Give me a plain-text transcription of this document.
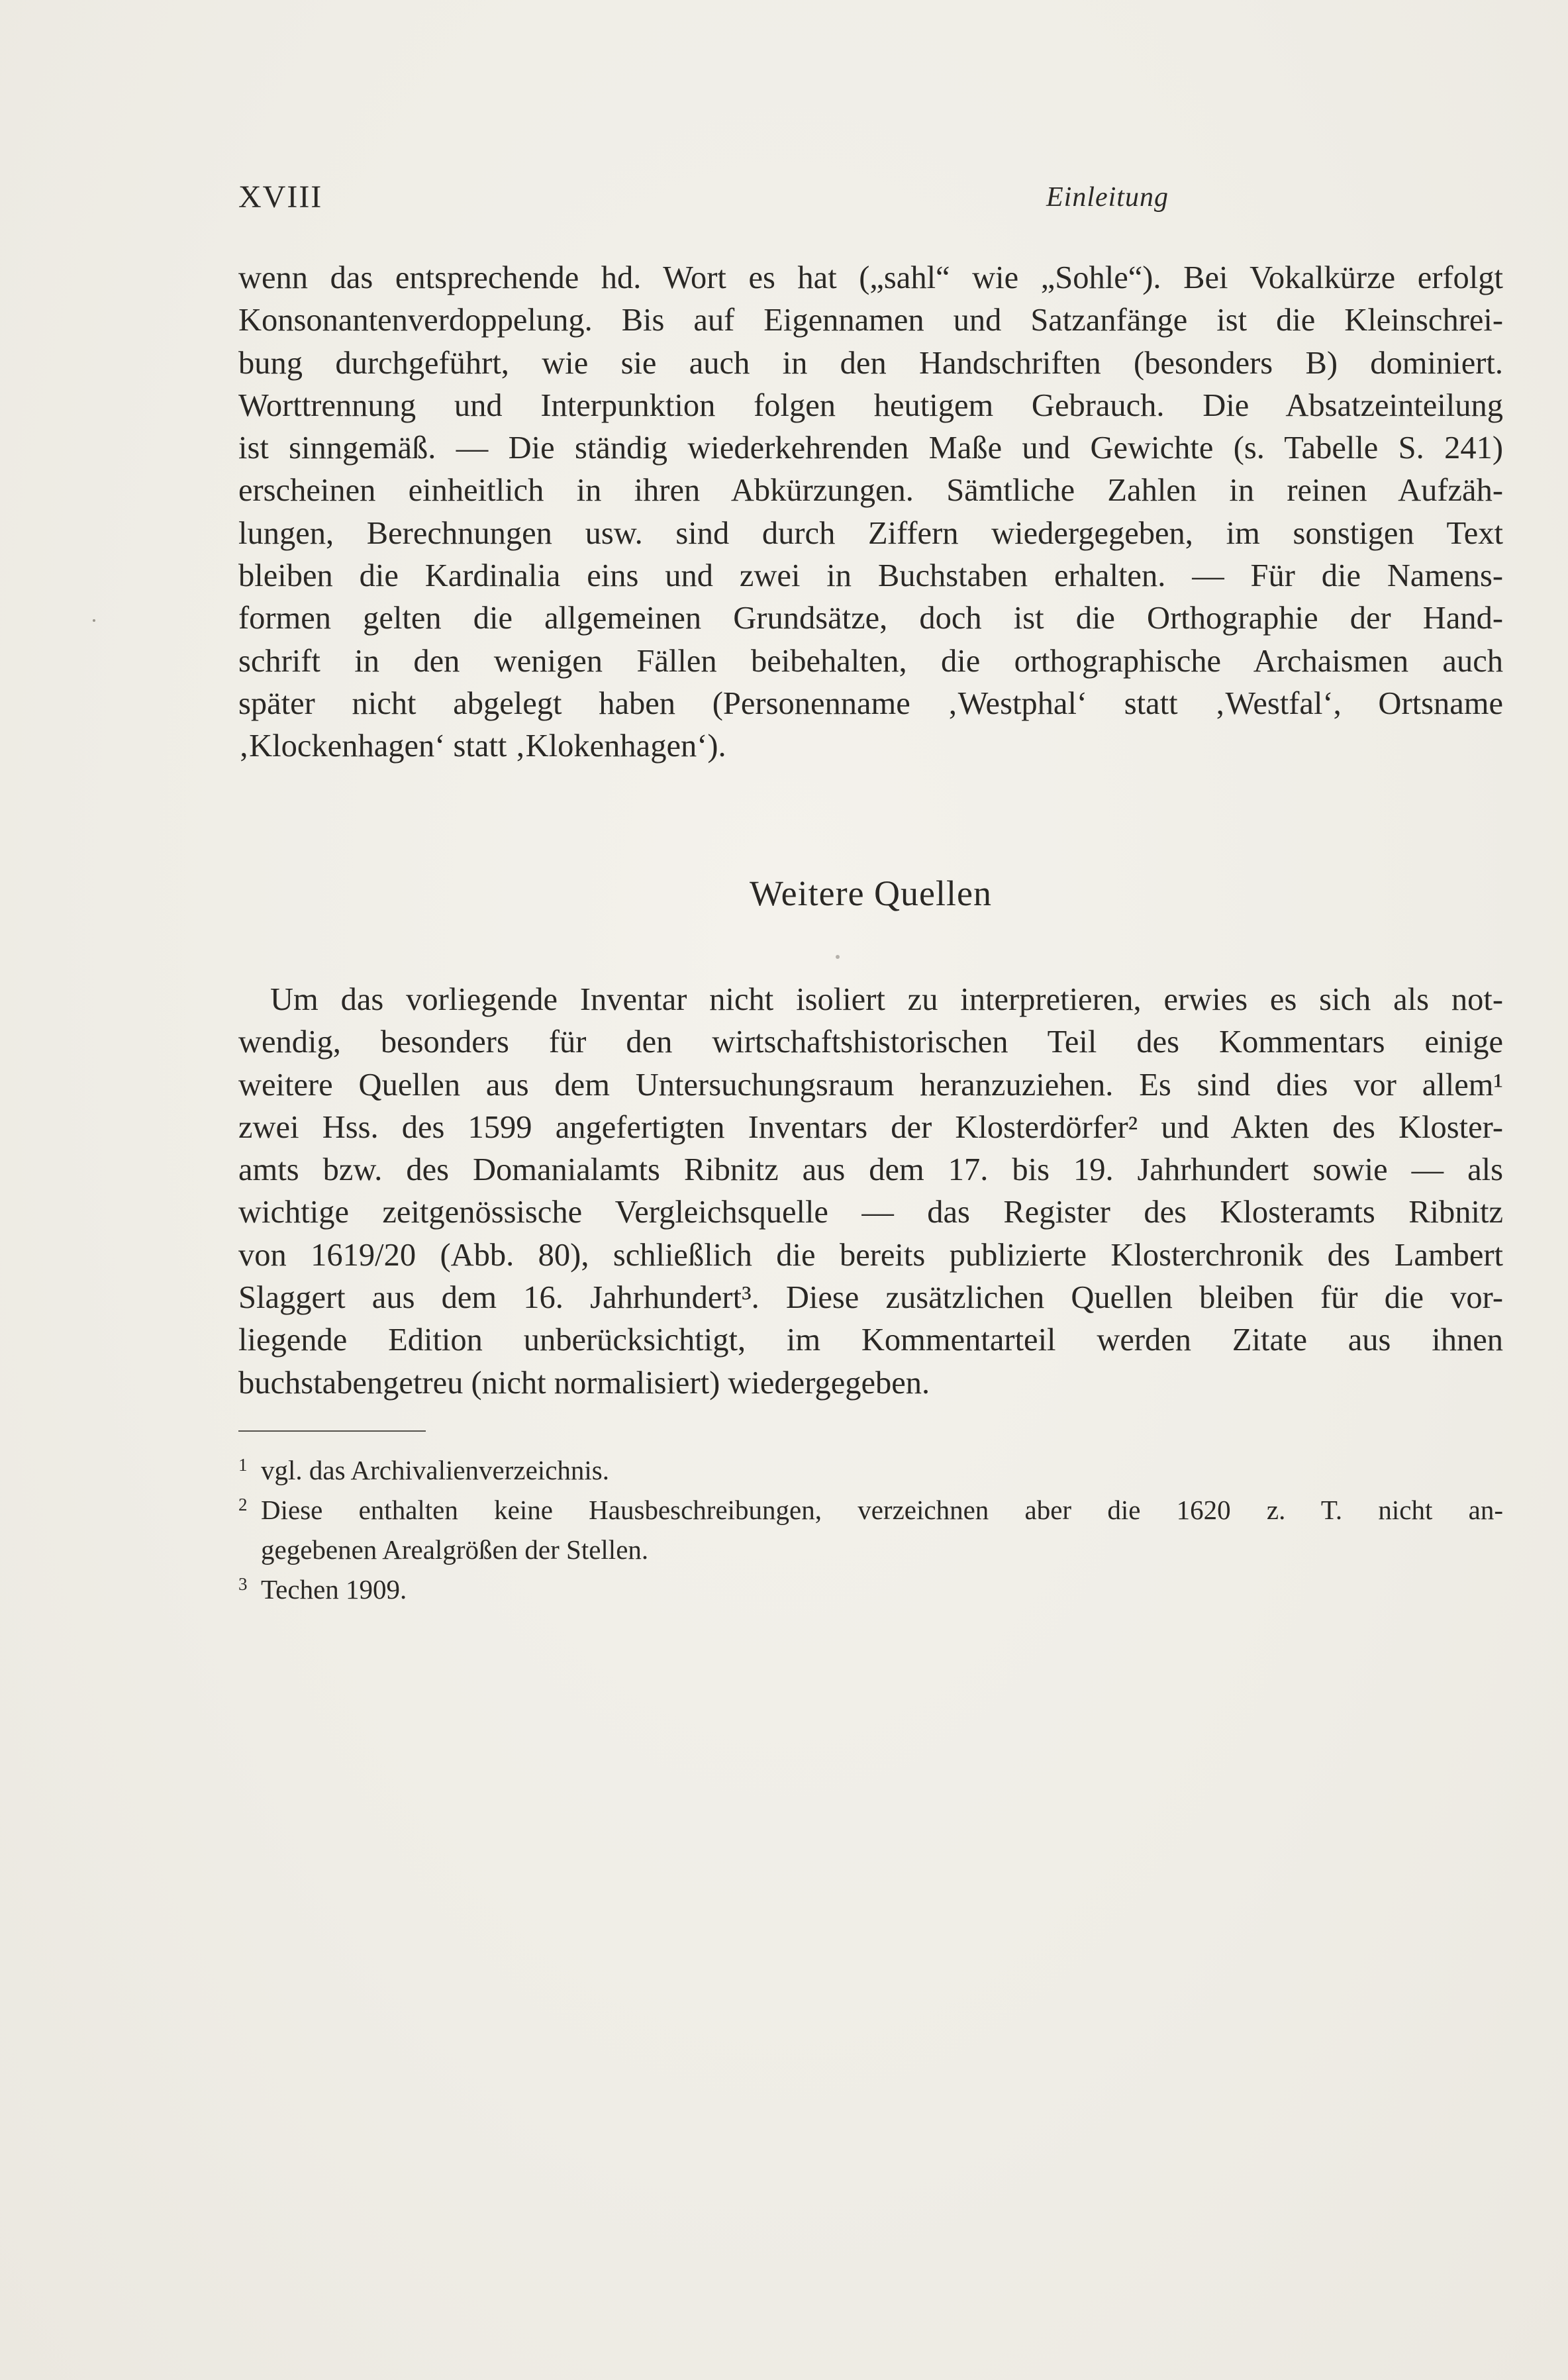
XVIII	Einleitung

wenn das entsprechende hd. Wort es hat („sahl“ wie „Sohle“). Bei Vokalkürze erfolgt
Konsonantenverdoppelung. Bis auf Eigennamen und Satzanfänge ist die Kleinschrei-
bung durchgeführt, wie sie auch in den Handschriften (besonders B) dominiert.
Worttrennung und Interpunktion folgen heutigem Gebrauch. Die Absatzeinteilung
ist sinngemäß. — Die ständig wiederkehrenden Maße und Gewichte (s. Tabelle S. 241)
erscheinen einheitlich in ihren Abkürzungen. Sämtliche Zahlen in reinen Aufzäh-
lungen, Berechnungen usw. sind durch Ziffern wiedergegeben, im sonstigen Text
bleiben die Kardinalia eins und zwei in Buchstaben erhalten. — Für die Namens-
formen gelten die allgemeinen Grundsätze, doch ist die Orthographie der Hand-
schrift in den wenigen Fällen beibehalten, die orthographische Archaismen auch
später nicht abgelegt haben (Personenname ‚Westphal‘ statt ‚Westfal‘, Ortsname
‚Klockenhagen‘ statt ‚Klokenhagen‘).

Weitere Quellen

Um das vorliegende Inventar nicht isoliert zu interpretieren, erwies es sich als not-
wendig, besonders für den wirtschaftshistorischen Teil des Kommentars einige
weitere Quellen aus dem Untersuchungsraum heranzuziehen. Es sind dies vor allem¹
zwei Hss. des 1599 angefertigten Inventars der Klosterdörfer² und Akten des Kloster-
amts bzw. des Domanialamts Ribnitz aus dem 17. bis 19. Jahrhundert sowie — als
wichtige zeitgenössische Vergleichsquelle — das Register des Klosteramts Ribnitz
von 1619/20 (Abb. 80), schließlich die bereits publizierte Klosterchronik des Lambert
Slaggert aus dem 16. Jahrhundert³. Diese zusätzlichen Quellen bleiben für die vor-
liegende Edition unberücksichtigt, im Kommentarteil werden Zitate aus ihnen
buchstabengetreu (nicht normalisiert) wiedergegeben.

1 vgl. das Archivalienverzeichnis.
2 Diese enthalten keine Hausbeschreibungen, verzeichnen aber die 1620 z. T. nicht an-
gegebenen Arealgrößen der Stellen.
3 Techen 1909.
